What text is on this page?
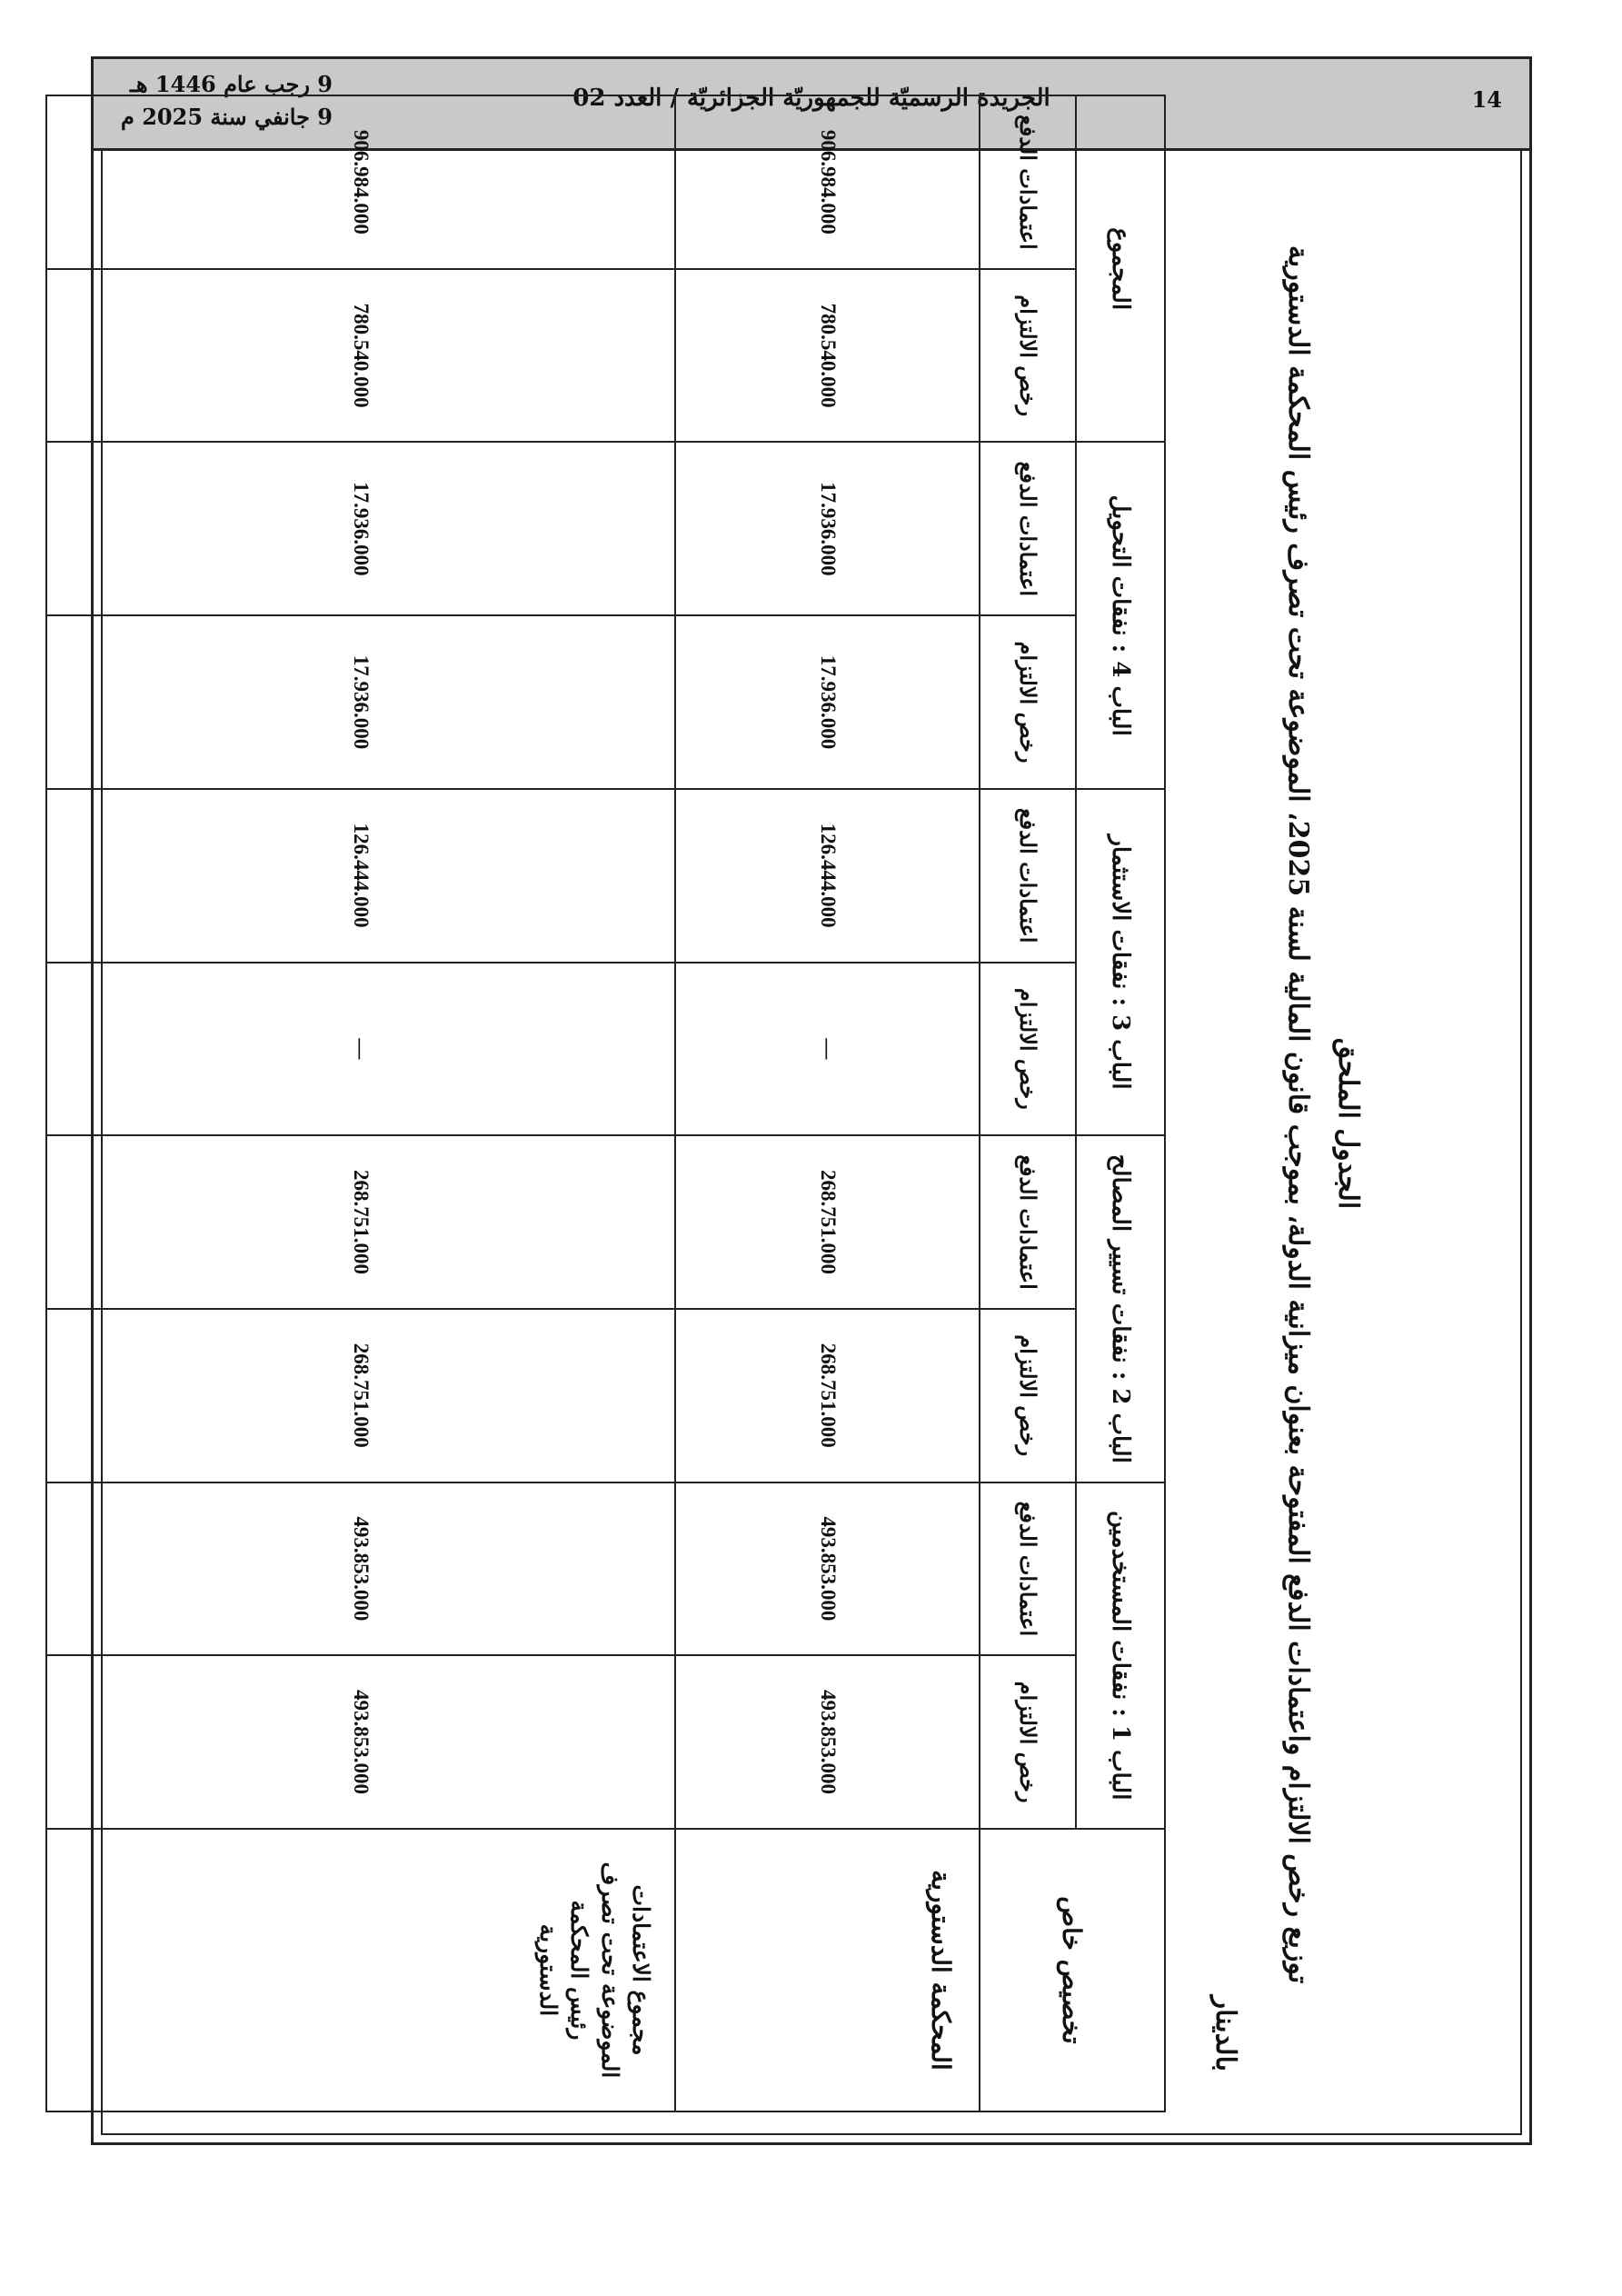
14
الجريدة الرسميّة للجمهوريّة الجزائريّة / العدد 02
9 رجب عام 1446 هـ
9 جانفي سنة 2025 م
الجدول الملحق
توزيع رخص الالتزام واعتمادات الدفع المفتوحة بعنوان ميزانية الدولة، بموجب قانون المالية لسنة 2025، الموضوعة تحت تصرف رئيس المحكمة الدستورية
بالدينار
تخصيص خاص	الباب 1 : نفقات المستخدمين		الباب 2 : نفقات تسيير المصالح		الباب 3 : نفقات الاستثمار		الباب 4 : نفقات التحويل		المجموع	
	رخص الالتزام	اعتمادات الدفع	رخص الالتزام	اعتمادات الدفع	رخص الالتزام	اعتمادات الدفع	رخص الالتزام	اعتمادات الدفع	رخص الالتزام	اعتمادات الدفع
المحكمة الدستورية	493.853.000	493.853.000	268.751.000	268.751.000	—	126.444.000	17.936.000	17.936.000	780.540.000	906.984.000
مجموع الاعتمادات الموضوعة تحت تصرف رئيس المحكمة الدستورية	493.853.000	493.853.000	268.751.000	268.751.000	—	126.444.000	17.936.000	17.936.000	780.540.000	906.984.000
